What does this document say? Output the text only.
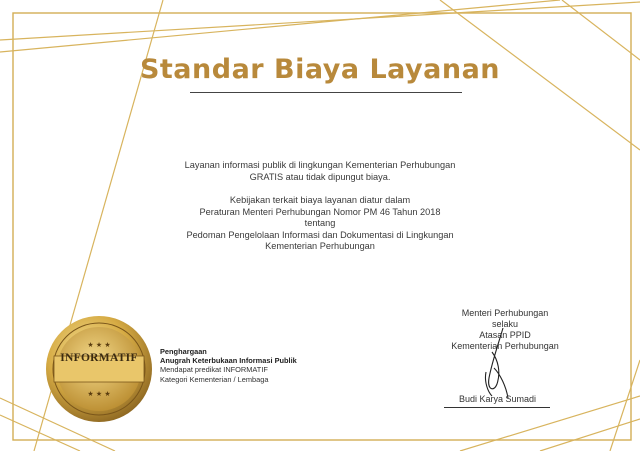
Standar Biaya Layanan
Layanan informasi publik di lingkungan Kementerian Perhubungan
GRATIS atau tidak dipungut biaya.
Kebijakan terkait biaya layanan diatur dalam
Peraturan Menteri Perhubungan Nomor PM 46 Tahun 2018
tentang
Pedoman Pengelolaan Informasi dan Dokumentasi di Lingkungan
Kementerian Perhubungan
★ ★ ★
★ ★ ★
INFORMATIF
Penghargaan
Anugrah Keterbukaan Informasi Publik
Mendapat predikat INFORMATIF
Kategori Kementerian / Lembaga
Menteri Perhubungan
selaku
Atasan PPID
Kementerian Perhubungan
Budi Karya Sumadi
